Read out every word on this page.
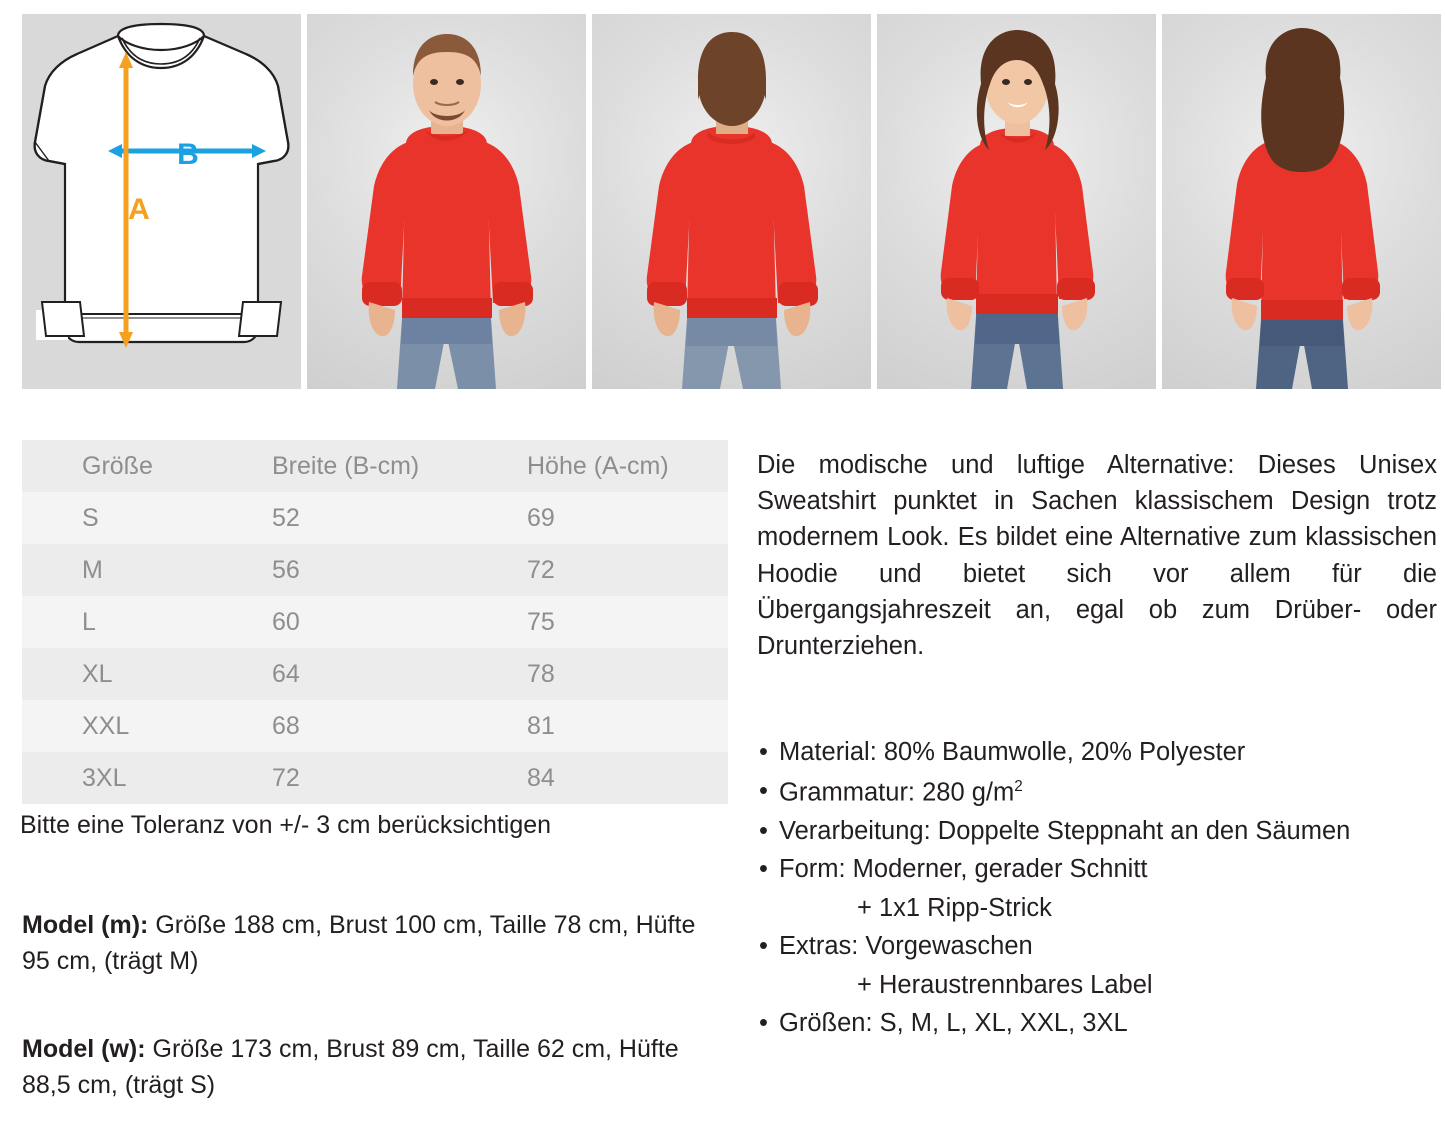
B
A
Größe	Breite (B-cm)	Höhe (A-cm)
S	52	69
M	56	72
L	60	75
XL	64	78
XXL	68	81
3XL	72	84
Bitte eine Toleranz von +/- 3 cm berücksichtigen
Model (m): Größe 188 cm, Brust 100 cm, Taille 78 cm, Hüfte 95 cm, (trägt M)
Model (w): Größe 173 cm, Brust 89 cm, Taille 62 cm, Hüfte 88,5 cm, (trägt S)
Die modische und luftige Alternative: Dieses Unisex Sweatshirt punktet in Sachen klassischem Design trotz modernem Look. Es bildet eine Alternative zum klassischen Hoodie und bietet sich vor allem für die Übergangsjahreszeit an, egal ob zum Drüber- oder Drunterziehen.
• Material: 80% Baumwolle, 20% Polyester
• Grammatur: 280 $g/m^2$
• Verarbeitung: Doppelte Steppnaht an den Säumen
• Form: Moderner, gerader Schnitt
+ 1x1 Ripp-Strick
• Extras: Vorgewaschen
+ Heraustrennbares Label
• Größen: S, M, L, XL, XXL, 3XL
